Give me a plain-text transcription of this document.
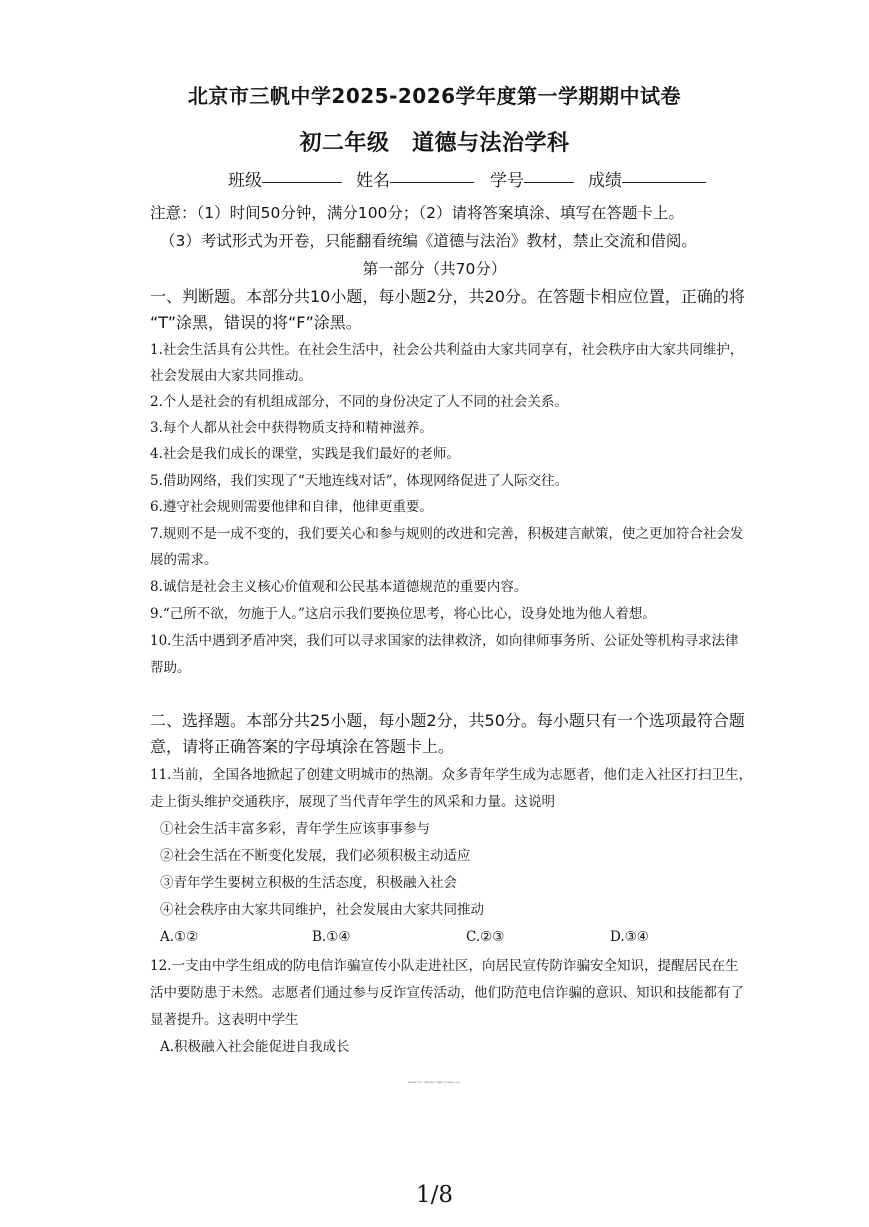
北京市三帆中学2025-2026学年度第一学期期中试卷
初二年级　道德与法治学科
班级	姓名	学号	成绩
注意：（1）时间50分钟，满分100分；（2）请将答案填涂、填写在答题卡上。
（3）考试形式为开卷，只能翻看统编《道德与法治》教材，禁止交流和借阅。
第一部分（共70分）
一、判断题。本部分共10小题，每小题2分，共20分。在答题卡相应位置，正确的将
“T”涂黑，错误的将“F”涂黑。
1.社会生活具有公共性。在社会生活中，社会公共利益由大家共同享有，社会秩序由大家共同维护，
社会发展由大家共同推动。
2.个人是社会的有机组成部分，不同的身份决定了人不同的社会关系。
3.每个人都从社会中获得物质支持和精神滋养。
4.社会是我们成长的课堂，实践是我们最好的老师。
5.借助网络，我们实现了“天地连线对话”，体现网络促进了人际交往。
6.遵守社会规则需要他律和自律，他律更重要。
7.规则不是一成不变的，我们要关心和参与规则的改进和完善，积极建言献策，使之更加符合社会发
展的需求。
8.诚信是社会主义核心价值观和公民基本道德规范的重要内容。
9.“己所不欲，勿施于人。”这启示我们要换位思考，将心比心，设身处地为他人着想。
10.生活中遇到矛盾冲突，我们可以寻求国家的法律救济，如向律师事务所、公证处等机构寻求法律
帮助。
二、选择题。本部分共25小题，每小题2分，共50分。每小题只有一个选项最符合题
意，请将正确答案的字母填涂在答题卡上。
11.当前，全国各地掀起了创建文明城市的热潮。众多青年学生成为志愿者，他们走入社区打扫卫生，
走上街头维护交通秩序，展现了当代青年学生的风采和力量。这说明
①社会生活丰富多彩，青年学生应该事事参与
②社会生活在不断变化发展，我们必须积极主动适应
③青年学生要树立积极的生活态度，积极融入社会
④社会秩序由大家共同维护，社会发展由大家共同推动
A.①②	B.①④	C.②③	D.③④
12.一支由中学生组成的防电信诈骗宣传小队走进社区，向居民宣传防诈骗安全知识，提醒居民在生
活中要防患于未然。志愿者们通过参与反诈宣传活动，他们防范电信诈骗的意识、知识和技能都有了
显著提升。这表明中学生
A.积极融入社会能促进自我成长
2025-2026学年度第一学期期中试卷初二年级道德与法治学科 第1页（共8页）
1/8
